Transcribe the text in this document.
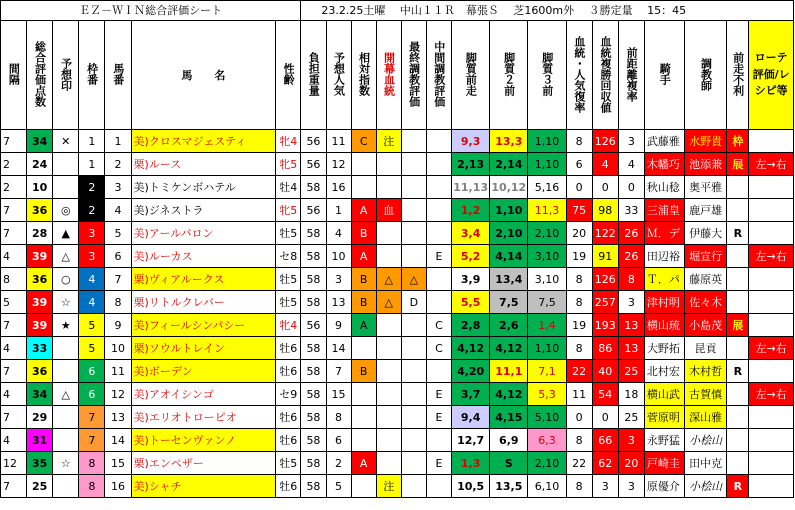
ＥＺ－ＷＩＮ総合評価シート							23.2.25土曜　 中山１１Ｒ　幕張Ｓ　 芝1600m外　 ３勝定量　 15：45															
間隔	総合評価点数	予想印	枠番	馬番	馬　　名	性齢	負担重量	予想人気	相対指数	開幕血統	最終調教評価	中間調教評価	脚質前走	脚質２前	脚質３前	血統・人気復率	血統複勝回収値	前距離複率	騎手	調教師	前走不利	ローテ評価/レシピ等
7	34	✕	1	1	美)クロスマジェスティ	牝4	56	11	C	注			9,3	13,3	1,10	8	126	3	武藤雅	水野貴	枠	
2	24		1	2	栗)ルース	牝5	56	12					2,13	2,14	1,10	6	4	4	木幡巧	池添兼	展	左→右
2	10		2	3	美)トミケンボハテル	牡4	58	16					11,13	10,12	5,16	0	0	0	秋山稔	奥平雅		
7	36	◎	2	4	美)ジネストラ	牝5	56	1	A	血			1,2	1,10	11,3	75	98	33	三浦皇	鹿戸雄		
7	28	▲	3	5	美)アールバロン	牡5	58	4	B				3,4	2,10	2,10	20	122	26	Ｍ．デ	伊藤大	R	
4	39	△	3	6	美)ルーカス	セ8	58	10	A			E	5,2	4,14	3,10	19	91	26	田辺裕	堀宣行		左→右
8	36	○	4	7	栗)ヴィアルークス	牡5	58	3	B	△	△		3,9	13,4	3,10	8	126	8	Ｔ．パ	藤原英		
5	39	☆	4	8	栗)リトルクレバー	牡5	58	13	B	△	D		5,5	7,5	7,5	8	257	3	津村明	佐々木		
7	39	★	5	9	美)フィールシンパシー	牝4	56	9	A			C	2,8	2,6	1,4	19	193	13	横山琉	小島茂	展	
4	33		5	10	栗)ソウルトレイン	牡6	58	14				C	4,12	4,12	1,10	8	86	13	大野拓	昆貢		左→右
7	36		6	11	美)ボーデン	牡6	58	7	B				4,20	11,1	7,1	22	40	25	北村宏	木村哲	R	
4	34	△	6	12	美)アオイシンゴ	セ9	58	15				E	3,7	4,12	5,3	11	54	18	横山武	古賀慎		左→右
7	29		7	13	美)エリオトローピオ	牡6	58	8				E	9,4	4,15	5,10	0	0	25	菅原明	深山雅		
4	31		7	14	美)トーセンヴァンノ	牡6	58	6					12,7	6,9	6,3	8	66	3	永野猛	小桧山		
12	35	☆	8	15	栗)エンペザー	牡5	58	2	A			E	1,3	S	2,10	22	62	20	戸崎圭	田中克		
7	25		8	16	美)シャチ	牡6	58	5		注			10,5	13,5	6,10	8	3	3	原優介	小桧山	R	
